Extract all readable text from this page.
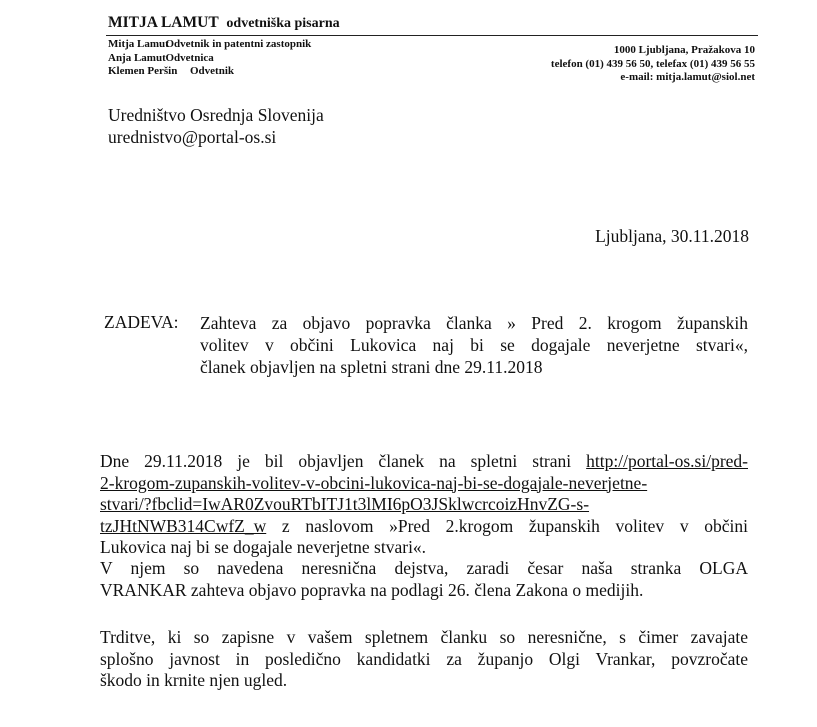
MITJA LAMUT odvetniška pisarna
Mitja Lamut  Odvetnik in patentni zastopnik
Anja Lamut  Odvetnica
Klemen Peršin Odvetnik
1000 Ljubljana, Pražakova 10
telefon (01) 439 56 50, telefax (01) 439 56 55
e-mail: mitja.lamut@siol.net
Uredništvo Osrednja Slovenija
urednistvo@portal-os.si
Ljubljana, 30.11.2018
ZADEVA: Zahteva za objavo popravka članka » Pred 2. krogom županskih
volitev v občini Lukovica naj bi se dogajale neverjetne stvari«,
članek objavljen na spletni strani dne 29.11.2018
Dne 29.11.2018 je bil objavljen članek na spletni strani http://portal-os.si/pred-
2-krogom-zupanskih-volitev-v-obcini-lukovica-naj-bi-se-dogajale-neverjetne-
stvari/?fbclid=IwAR0ZvouRTbITJ1t3lMI6pO3JSklwcrcoizHnvZG-s-
tzJHtNWB314CwfZ_w z naslovom »Pred 2.krogom županskih volitev v občini
Lukovica naj bi se dogajale neverjetne stvari«.
V njem so navedena neresnična dejstva, zaradi česar naša stranka OLGA
VRANKAR zahteva objavo popravka na podlagi 26. člena Zakona o medijih.
Trditve, ki so zapisne v vašem spletnem članku so neresnične, s čimer zavajate
splošno javnost in posledično kandidatki za županjo Olgi Vrankar, povzročate
škodo in krnite njen ugled.
